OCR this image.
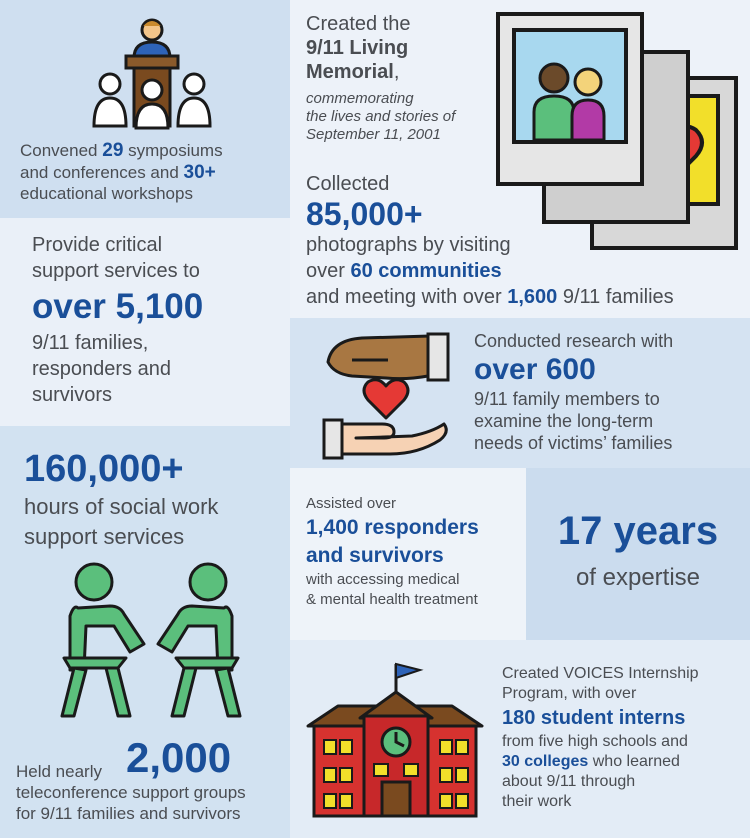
Convened 29 symposiums
and conferences and 30+
educational workshops
Provide critical
support services to
over 5,100
9/11 families,
responders and
survivors
160,000+
hours of social work
support services
Held nearly 2,000
teleconference support groups
for 9/11 families and survivors
Created the
9/11 Living
Memorial,
commemorating
the lives and stories of
September 11, 2001
Collected
85,000+
photographs by visiting
over 60 communities
and meeting with over 1,600 9/11 families
Conducted research with
over 600
9/11 family members to
examine the long-term
needs of victims’ families
Assisted over
1,400 responders
and survivors
with accessing medical
& mental health treatment
17 years
of expertise
Created VOICES Internship
Program, with over
180 student interns
from five high schools and
30 colleges who learned
about 9/11 through
their work
